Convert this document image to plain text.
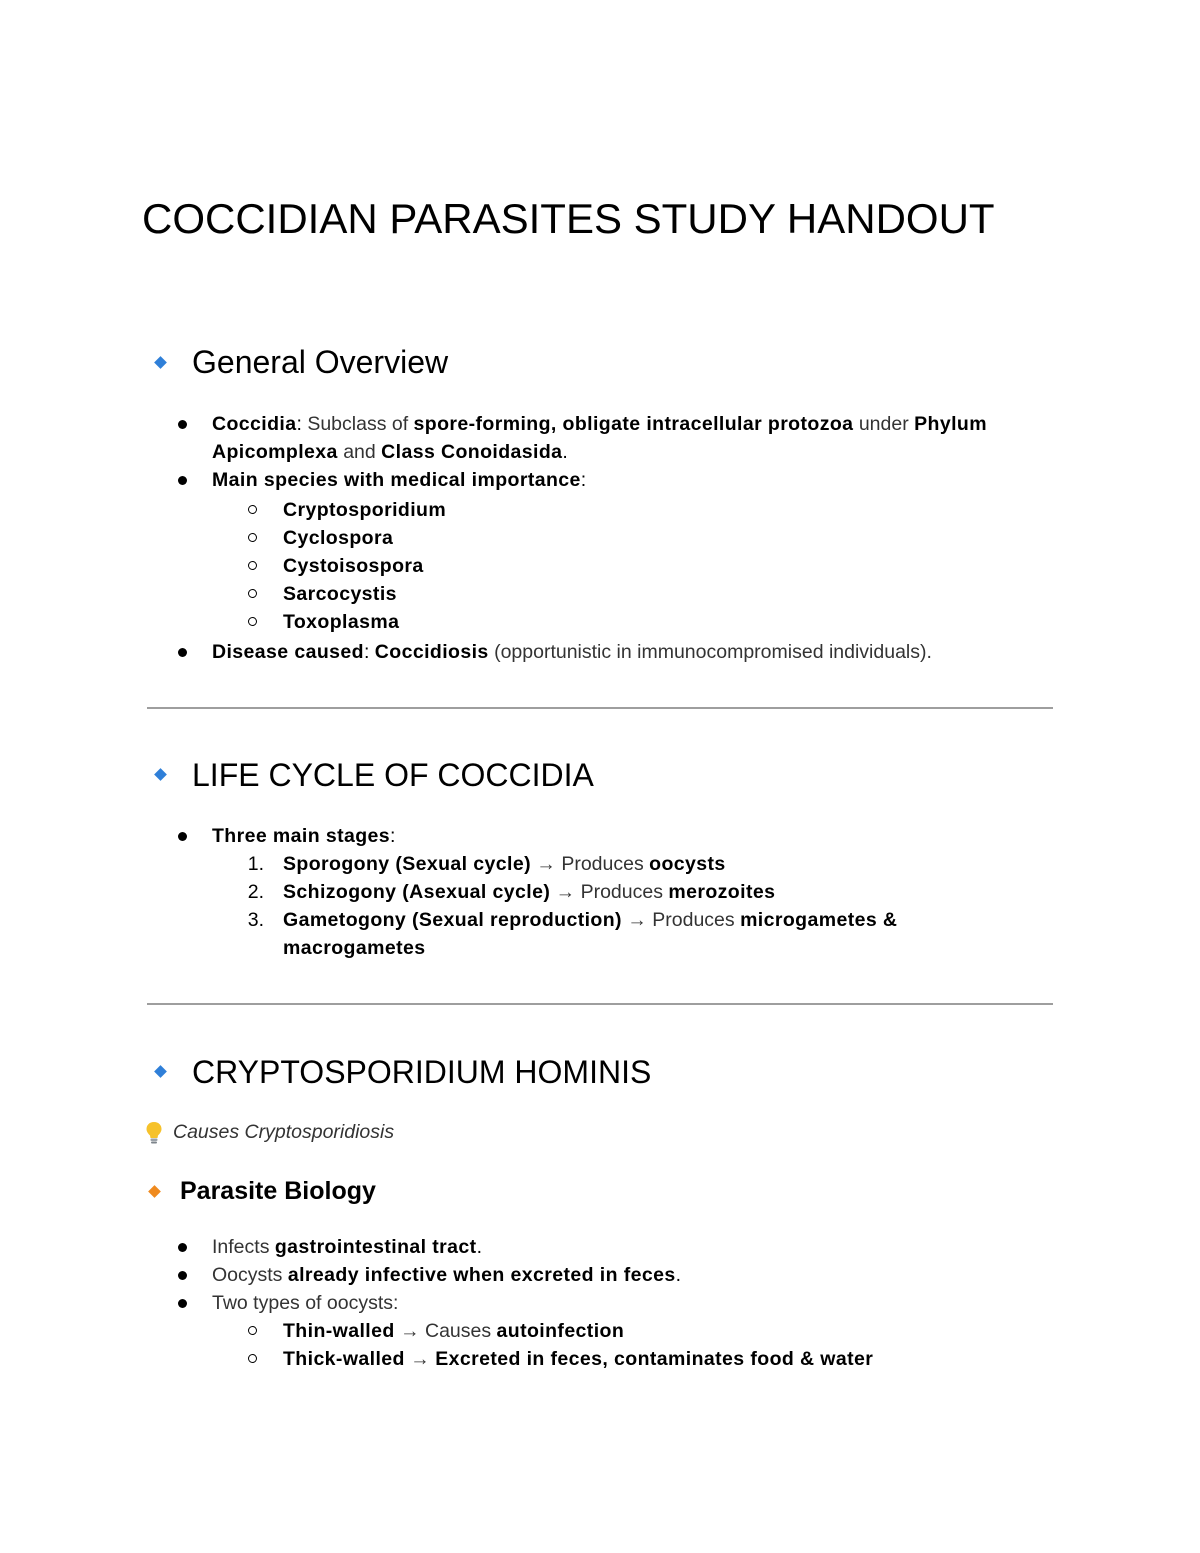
COCCIDIAN PARASITES STUDY HANDOUT
General Overview
Coccidia: Subclass of spore-forming, obligate intracellular protozoa under Phylum
Apicomplexa and Class Conoidasida.
Main species with medical importance:
Cryptosporidium
Cyclospora
Cystoisospora
Sarcocystis
Toxoplasma
Disease caused: Coccidiosis (opportunistic in immunocompromised individuals).
LIFE CYCLE OF COCCIDIA
Three main stages:
1. Sporogony (Sexual cycle) → Produces oocysts
2. Schizogony (Asexual cycle) → Produces merozoites
3. Gametogony (Sexual reproduction) → Produces microgametes &
macrogametes
CRYPTOSPORIDIUM HOMINIS
Causes Cryptosporidiosis
Parasite Biology
Infects gastrointestinal tract.
Oocysts already infective when excreted in feces.
Two types of oocysts:
Thin-walled → Causes autoinfection
Thick-walled → Excreted in feces, contaminates food & water
